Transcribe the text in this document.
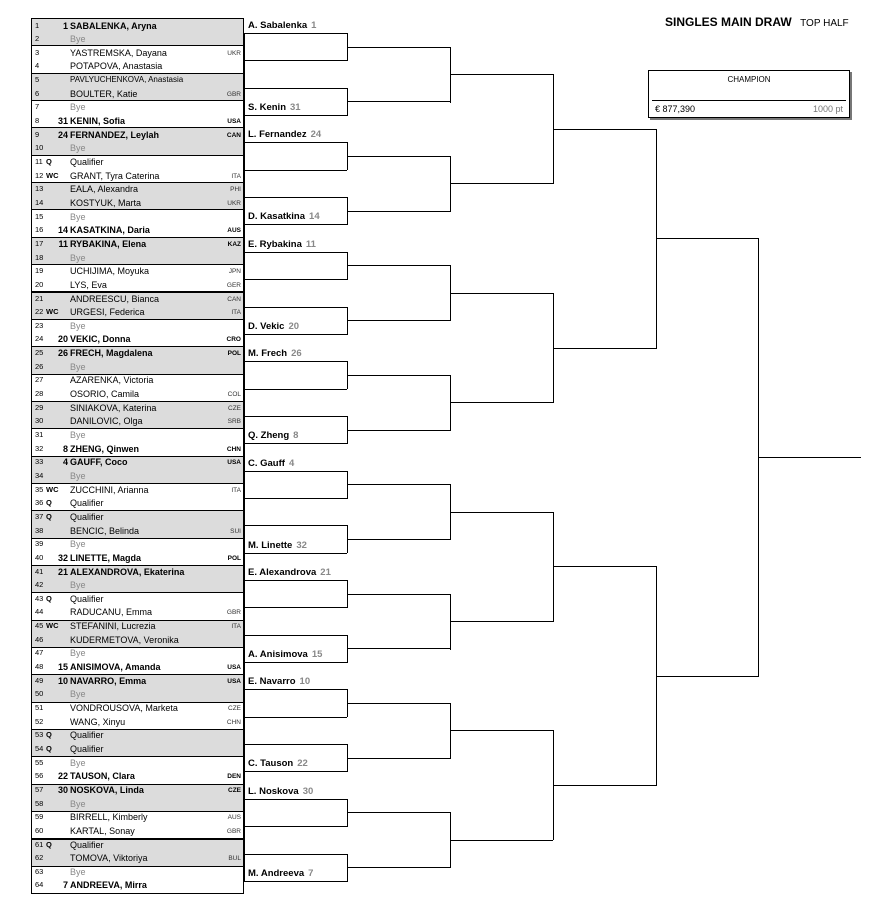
SINGLES MAIN DRAW TOP HALF
CHAMPION
€ 877,390	1000 pt
1	1 SABALENKA, Aryna
2	Bye
3	YASTREMSKA, Dayana	UKR
4	POTAPOVA, Anastasia
5	PAVLYUCHENKOVA, Anastasia
6	BOULTER, Katie	GBR
7	Bye
8 31 KENIN, Sofia	USA
9 24 FERNANDEZ, Leylah	CAN
10	Bye
11 Q Qualifier
12 WC GRANT, Tyra Caterina	ITA
13	EALA, Alexandra	PHI
14	KOSTYUK, Marta	UKR
15	Bye
16 14 KASATKINA, Daria	AUS
17 11 RYBAKINA, Elena	KAZ
18	Bye
19	UCHIJIMA, Moyuka	JPN
20	LYS, Eva	GER
21	ANDREESCU, Bianca	CAN
22 WC URGESI, Federica	ITA
23	Bye
24 20 VEKIC, Donna	CRO
25 26 FRECH, Magdalena	POL
26	Bye
27	AZARENKA, Victoria
28	OSORIO, Camila	COL
29	SINIAKOVA, Katerina	CZE
30	DANILOVIC, Olga	SRB
31	Bye
32	8 ZHENG, Qinwen	CHN
33	4 GAUFF, Coco	USA
34	Bye
35 WC ZUCCHINI, Arianna	ITA
36 Q Qualifier
37 Q Qualifier
38	BENCIC, Belinda	SUI
39	Bye
40 32 LINETTE, Magda	POL
41 21 ALEXANDROVA, Ekaterina
42	Bye
43 Q Qualifier
44	RADUCANU, Emma	GBR
45 WC STEFANINI, Lucrezia	ITA
46	KUDERMETOVA, Veronika
47	Bye
48 15 ANISIMOVA, Amanda	USA
49 10 NAVARRO, Emma	USA
50	Bye
51	VONDROUSOVA, Marketa	CZE
52	WANG, Xinyu	CHN
53 Q Qualifier
54 Q Qualifier
55	Bye
56 22 TAUSON, Clara	DEN
57 30 NOSKOVA, Linda	CZE
58	Bye
59	BIRRELL, Kimberly	AUS
60	KARTAL, Sonay	GBR
61 Q Qualifier
62	TOMOVA, Viktoriya	BUL
63	Bye
64	7 ANDREEVA, Mirra
A. Sabalenka 1
S. Kenin 31
L. Fernandez 24
D. Kasatkina 14
E. Rybakina 11
D. Vekic 20
M. Frech 26
Q. Zheng 8
C. Gauff 4
M. Linette 32
E. Alexandrova 21
A. Anisimova 15
E. Navarro 10
C. Tauson 22
L. Noskova 30
M. Andreeva 7
